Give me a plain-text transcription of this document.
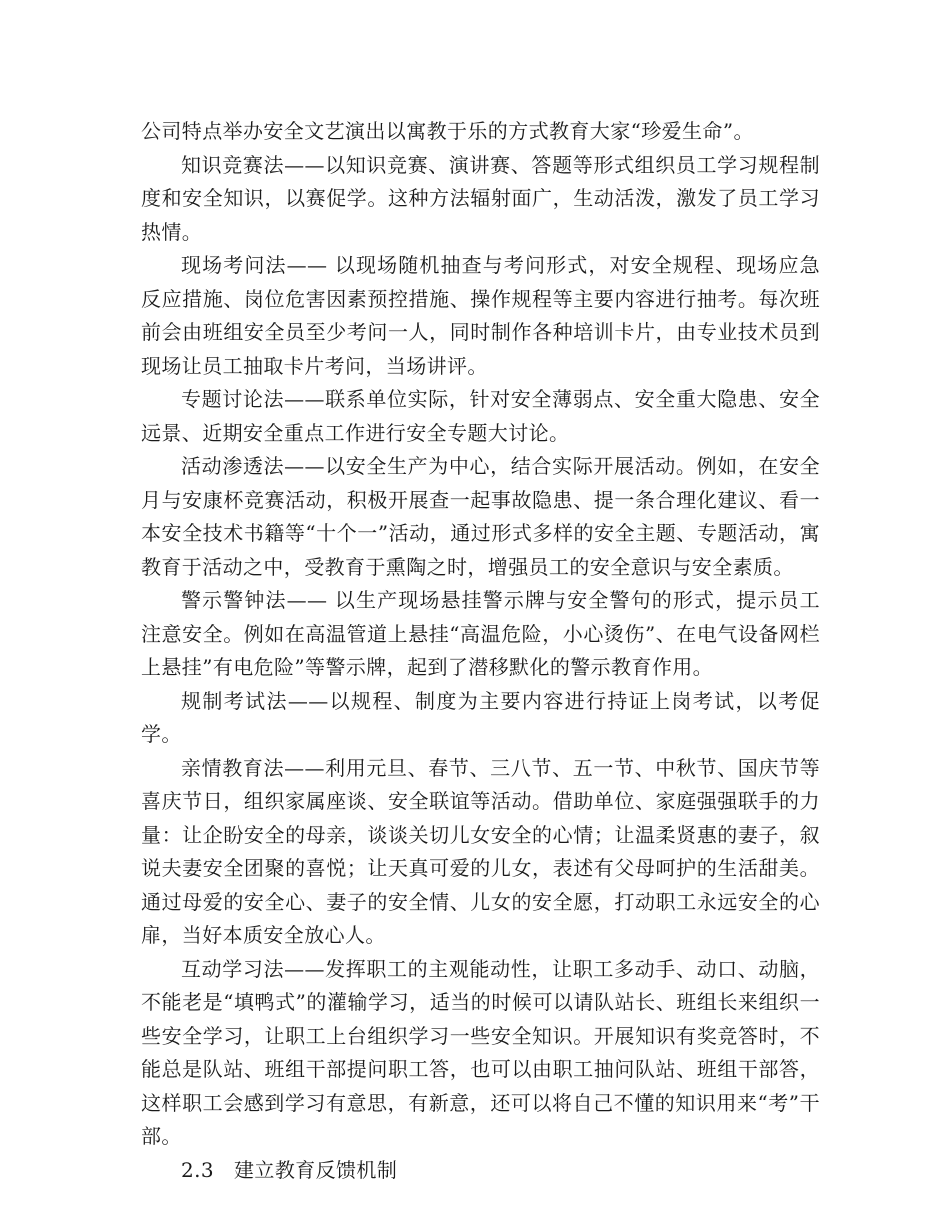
公司特点举办安全文艺演出以寓教于乐的方式教育大家“珍爱生命”。

知识竞赛法——以知识竞赛、演讲赛、答题等形式组织员工学习规程制度和安全知识，以赛促学。这种方法辐射面广，生动活泼，激发了员工学习热情。

现场考问法—— 以现场随机抽查与考问形式，对安全规程、现场应急反应措施、岗位危害因素预控措施、操作规程等主要内容进行抽考。每次班前会由班组安全员至少考问一人，同时制作各种培训卡片，由专业技术员到现场让员工抽取卡片考问，当场讲评。

专题讨论法——联系单位实际，针对安全薄弱点、安全重大隐患、安全远景、近期安全重点工作进行安全专题大讨论。

活动渗透法——以安全生产为中心，结合实际开展活动。例如，在安全月与安康杯竞赛活动，积极开展查一起事故隐患、提一条合理化建议、看一本安全技术书籍等“十个一”活动，通过形式多样的安全主题、专题活动，寓教育于活动之中，受教育于熏陶之时，增强员工的安全意识与安全素质。

警示警钟法—— 以生产现场悬挂警示牌与安全警句的形式，提示员工注意安全。例如在高温管道上悬挂“高温危险，小心烫伤”、在电气设备网栏上悬挂”有电危险”等警示牌，起到了潜移默化的警示教育作用。

规制考试法——以规程、制度为主要内容进行持证上岗考试，以考促学。

亲情教育法——利用元旦、春节、三八节、五一节、中秋节、国庆节等喜庆节日，组织家属座谈、安全联谊等活动。借助单位、家庭强强联手的力量：让企盼安全的母亲，谈谈关切儿女安全的心情；让温柔贤惠的妻子，叙说夫妻安全团聚的喜悦；让天真可爱的儿女，表述有父母呵护的生活甜美。通过母爱的安全心、妻子的安全情、儿女的安全愿，打动职工永远安全的心扉，当好本质安全放心人。

互动学习法——发挥职工的主观能动性，让职工多动手、动口、动脑，不能老是“填鸭式”的灌输学习，适当的时候可以请队站长、班组长来组织一些安全学习，让职工上台组织学习一些安全知识。开展知识有奖竞答时，不能总是队站、班组干部提问职工答，也可以由职工抽问队站、班组干部答，这样职工会感到学习有意思，有新意，还可以将自己不懂的知识用来“考”干部。

2.3 建立教育反馈机制
